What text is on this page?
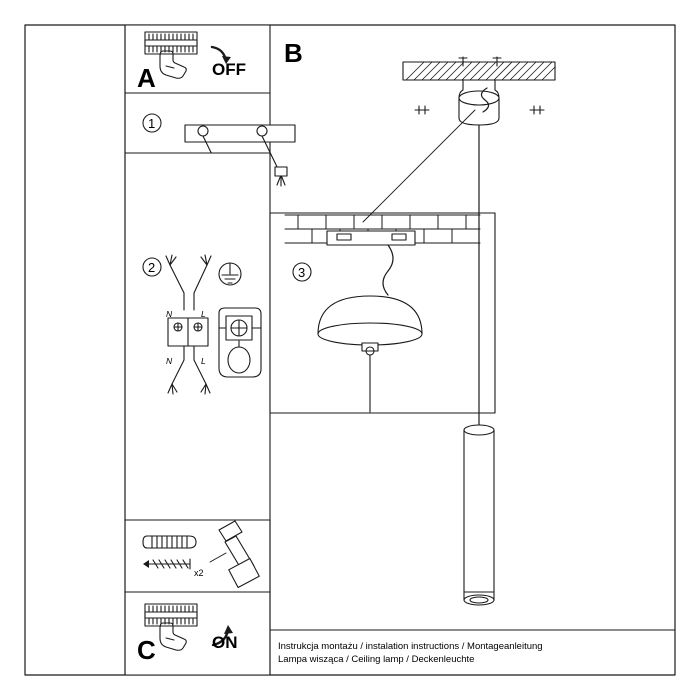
A	OFF
B
C	ON
1
2	3
N	L
N	L
x2
Instrukcja montażu / instalation instructions / Montageanleitung
Lampa wisząca / Ceiling lamp / Deckenleuchte
